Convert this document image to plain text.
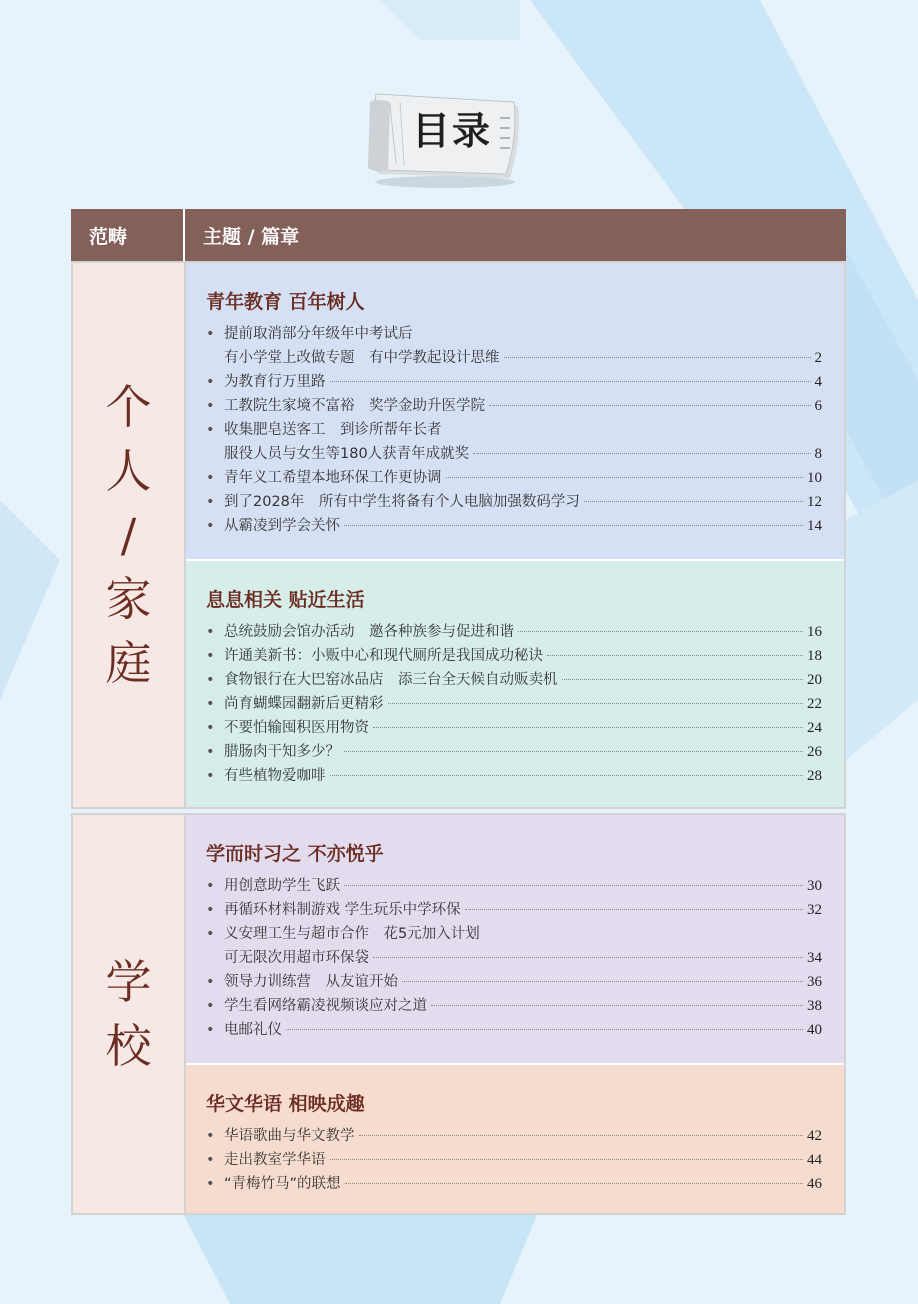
目录
范畴	主题 / 篇章
个
人
/
家
庭
青年教育 百年树人
• 提前取消部分年级年中考试后
有小学堂上改做专题　有中学教起设计思维	2
• 为教育行万里路	4
• 工教院生家境不富裕　奖学金助升医学院	6
• 收集肥皂送客工　到诊所帮年长者
服役人员与女生等180人获青年成就奖	8
• 青年义工希望本地环保工作更协调	10
• 到了2028年　所有中学生将备有个人电脑加强数码学习	12
• 从霸凌到学会关怀	14
息息相关 贴近生活
• 总统鼓励会馆办活动　邀各种族参与促进和谐	16
• 许通美新书：小贩中心和现代厕所是我国成功秘诀	18
• 食物银行在大巴窑冰品店　添三台全天候自动贩卖机	20
• 尚育蝴蝶园翻新后更精彩	22
• 不要怕输囤积医用物资	24
• 腊肠肉干知多少？	26
• 有些植物爱咖啡	28
学
校
学而时习之 不亦悦乎
• 用创意助学生飞跃	30
• 再循环材料制游戏 学生玩乐中学环保	32
• 义安理工生与超市合作　花5元加入计划
可无限次用超市环保袋	34
• 领导力训练营　从友谊开始	36
• 学生看网络霸凌视频谈应对之道	38
• 电邮礼仪	40
华文华语 相映成趣
• 华语歌曲与华文教学	42
• 走出教室学华语	44
• “青梅竹马”的联想	46
